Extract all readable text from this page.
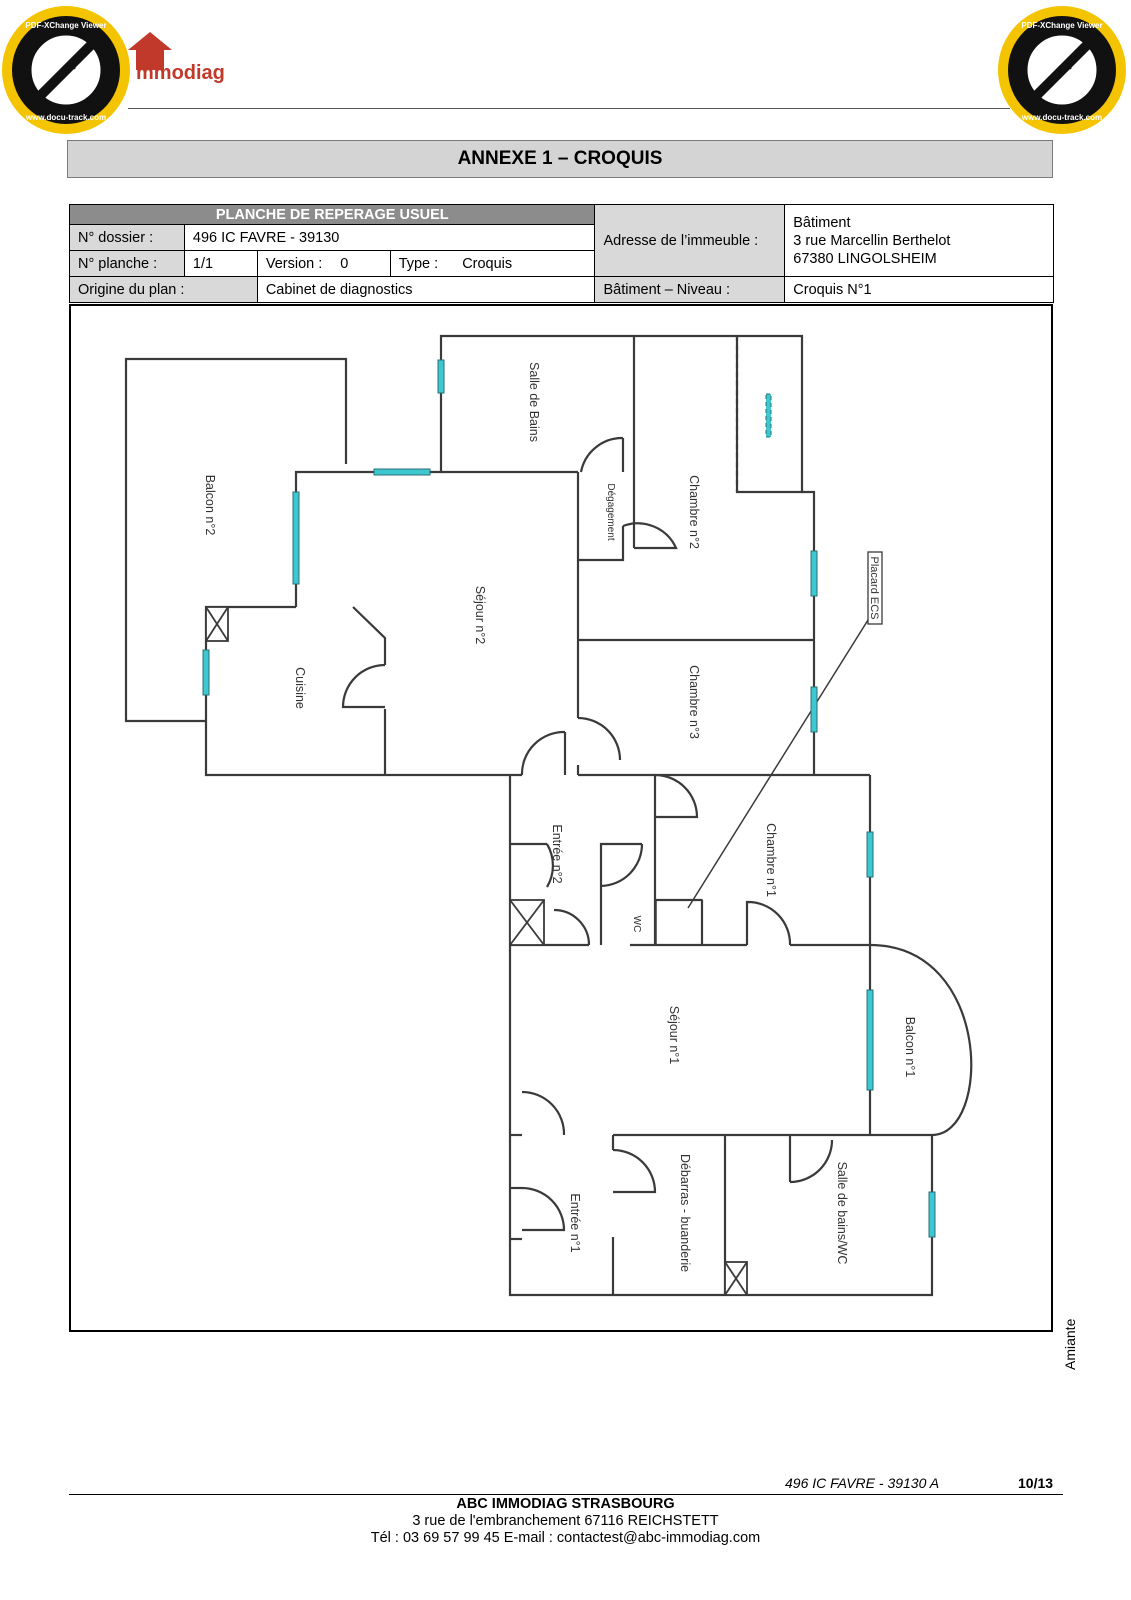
mmodiag
PDF-XChange Viewer
Click to buy NOW!
www.docu-track.com
PDF-XChange Viewer
Click to buy NOW!
www.docu-track.com
ANNEXE 1 – CROQUIS
PLANCHE DE REPERAGE USUEL				Adresse de l’immeuble :	Bâtiment
3 rue Marcellin Berthelot
67380 LINGOLSHEIM

N° dossier :	496 IC FAVRE - 39130				
N° planche :	1/1	Version : 0	Type : Croquis		
Origine du plan :		Cabinet de diagnostics		Bâtiment – Niveau :	Croquis N°1
Salle de Bains
Dégagement	Chambre n°2
Balcon n°2
Séjour n°2
Cuisine	Chambre n°3
Placard ECS
Entrée n°2
WC
Chambre n°1
Séjour n°1	Balcon n°1
Débarras - buanderie
Entrée n°1	Salle de bains/WC
Amiante
496 IC FAVRE - 39130 A	10/13
ABC IMMODIAG STRASBOURG
3 rue de l'embranchement 67116 REICHSTETT
Tél : 03 69 57 99 45 E-mail : contactest@abc-immodiag.com
